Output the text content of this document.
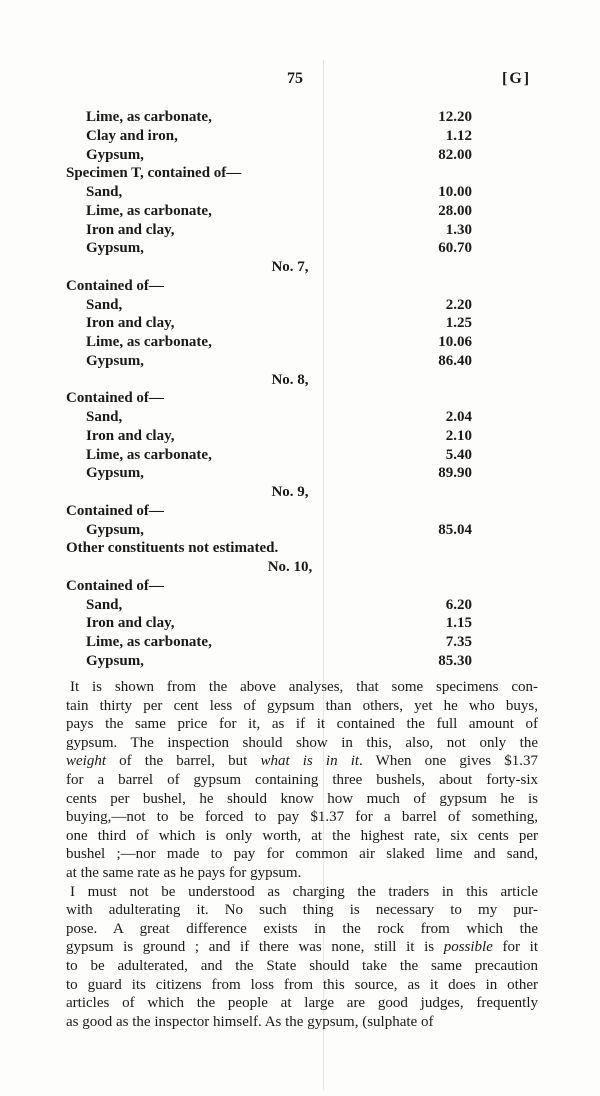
75	[G]
Lime, as carbonate,	12.20
Clay and iron,	1.12
Gypsum,	82.00
Specimen T, contained of—
Sand,	10.00
Lime, as carbonate,	28.00
Iron and clay,	1.30
Gypsum,	60.70
No. 7,
Contained of—
Sand,	2.20
Iron and clay,	1.25
Lime, as carbonate,	10.06
Gypsum,	86.40
No. 8,
Contained of—
Sand,	2.04
Iron and clay,	2.10
Lime, as carbonate,	5.40
Gypsum,	89.90
No. 9,
Contained of—
Gypsum,	85.04
Other constituents not estimated.
No. 10,
Contained of—
Sand,	6.20
Iron and clay,	1.15
Lime, as carbonate,	7.35
Gypsum,	85.30
It is shown from the above analyses, that some specimens con-
tain thirty per cent less of gypsum than others, yet he who buys,
pays the same price for it, as if it contained the full amount of
gypsum. The inspection should show in this, also, not only the
weight of the barrel, but what is in it. When one gives $1.37
for a barrel of gypsum containing three bushels, about forty-six
cents per bushel, he should know how much of gypsum he is
buying,—not to be forced to pay $1.37 for a barrel of something,
one third of which is only worth, at the highest rate, six cents per
bushel ;—nor made to pay for common air slaked lime and sand,
at the same rate as he pays for gypsum.
I must not be understood as charging the traders in this article
with adulterating it. No such thing is necessary to my pur-
pose. A great difference exists in the rock from which the
gypsum is ground ; and if there was none, still it is possible for it
to be adulterated, and the State should take the same precaution
to guard its citizens from loss from this source, as it does in other
articles of which the people at large are good judges, frequently
as good as the inspector himself. As the gypsum, (sulphate of
